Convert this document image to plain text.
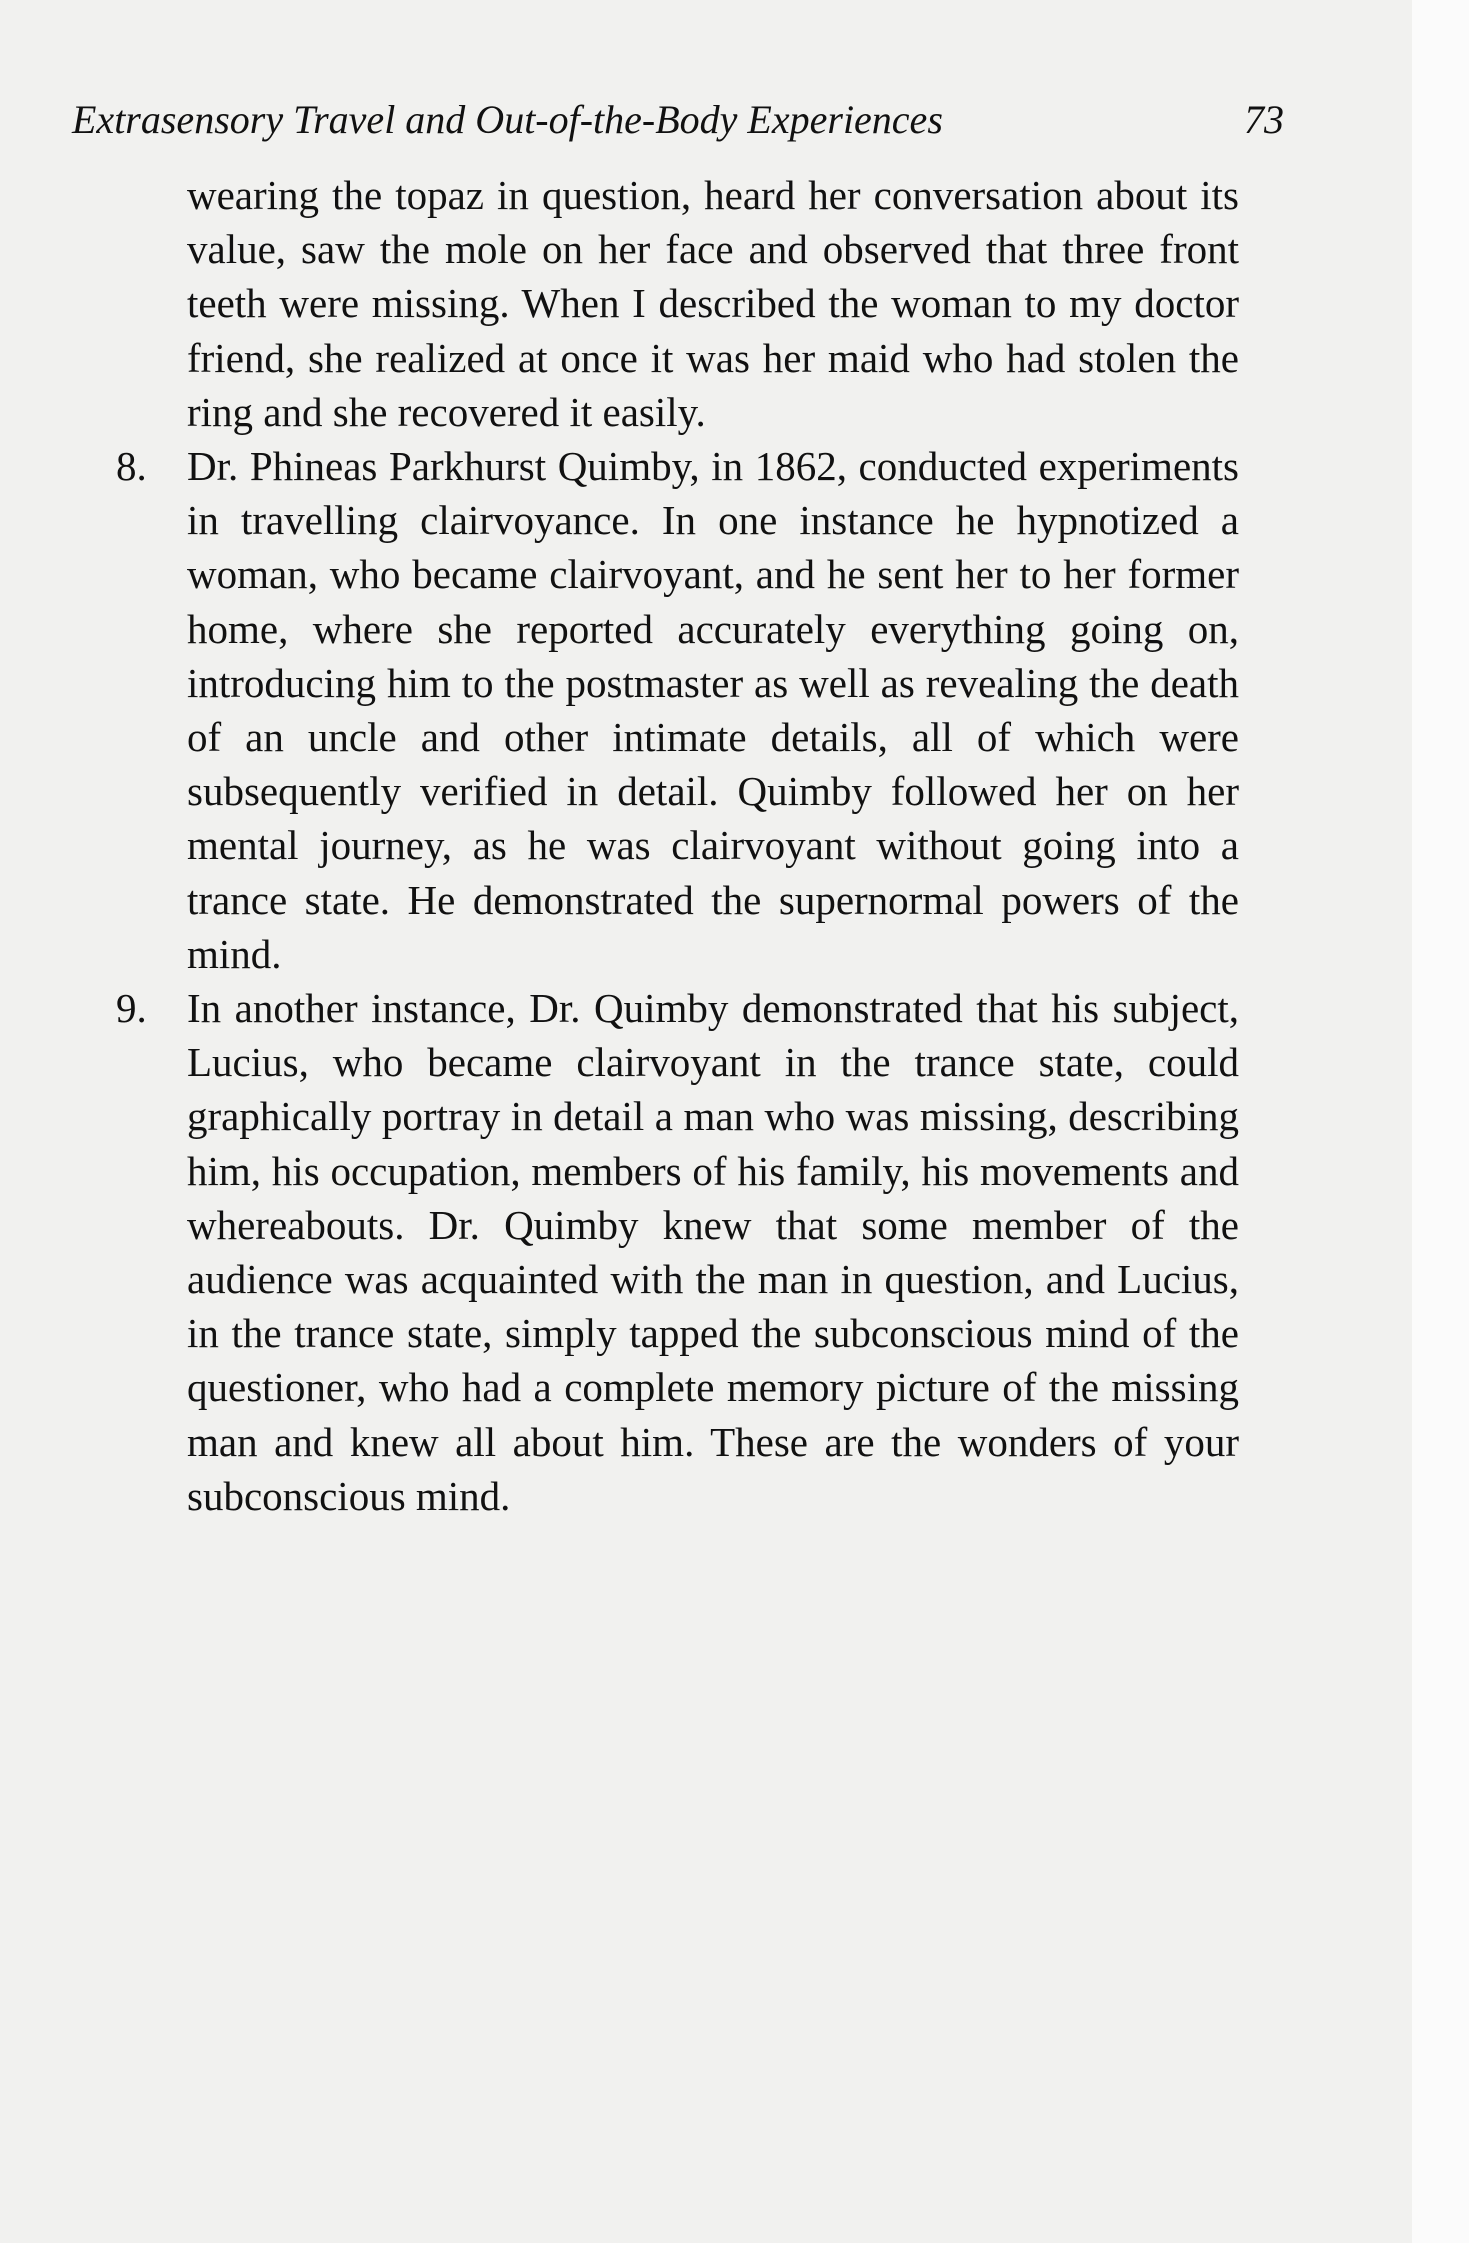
Extrasensory Travel and Out-of-the-Body Experiences	73
wearing the topaz in question, heard her conversation about its value, saw the mole on her face and observed that three front teeth were missing. When I described the woman to my doctor friend, she realized at once it was her maid who had stolen the ring and she recovered it easily.
8. Dr. Phineas Parkhurst Quimby, in 1862, conducted experiments in travelling clairvoyance. In one instance he hypnotized a woman, who became clairvoyant, and he sent her to her former home, where she reported accurately everything going on, introducing him to the postmaster as well as revealing the death of an uncle and other intimate details, all of which were subsequently verified in detail. Quimby followed her on her mental journey, as he was clairvoyant without going into a trance state. He demonstrated the supernormal powers of the mind.
9. In another instance, Dr. Quimby demonstrated that his subject, Lucius, who became clairvoyant in the trance state, could graphically portray in detail a man who was missing, describing him, his occupation, members of his family, his movements and whereabouts. Dr. Quimby knew that some member of the audience was acquainted with the man in question, and Lucius, in the trance state, simply tapped the subconscious mind of the questioner, who had a complete memory picture of the missing man and knew all about him. These are the wonders of your subconscious mind.
